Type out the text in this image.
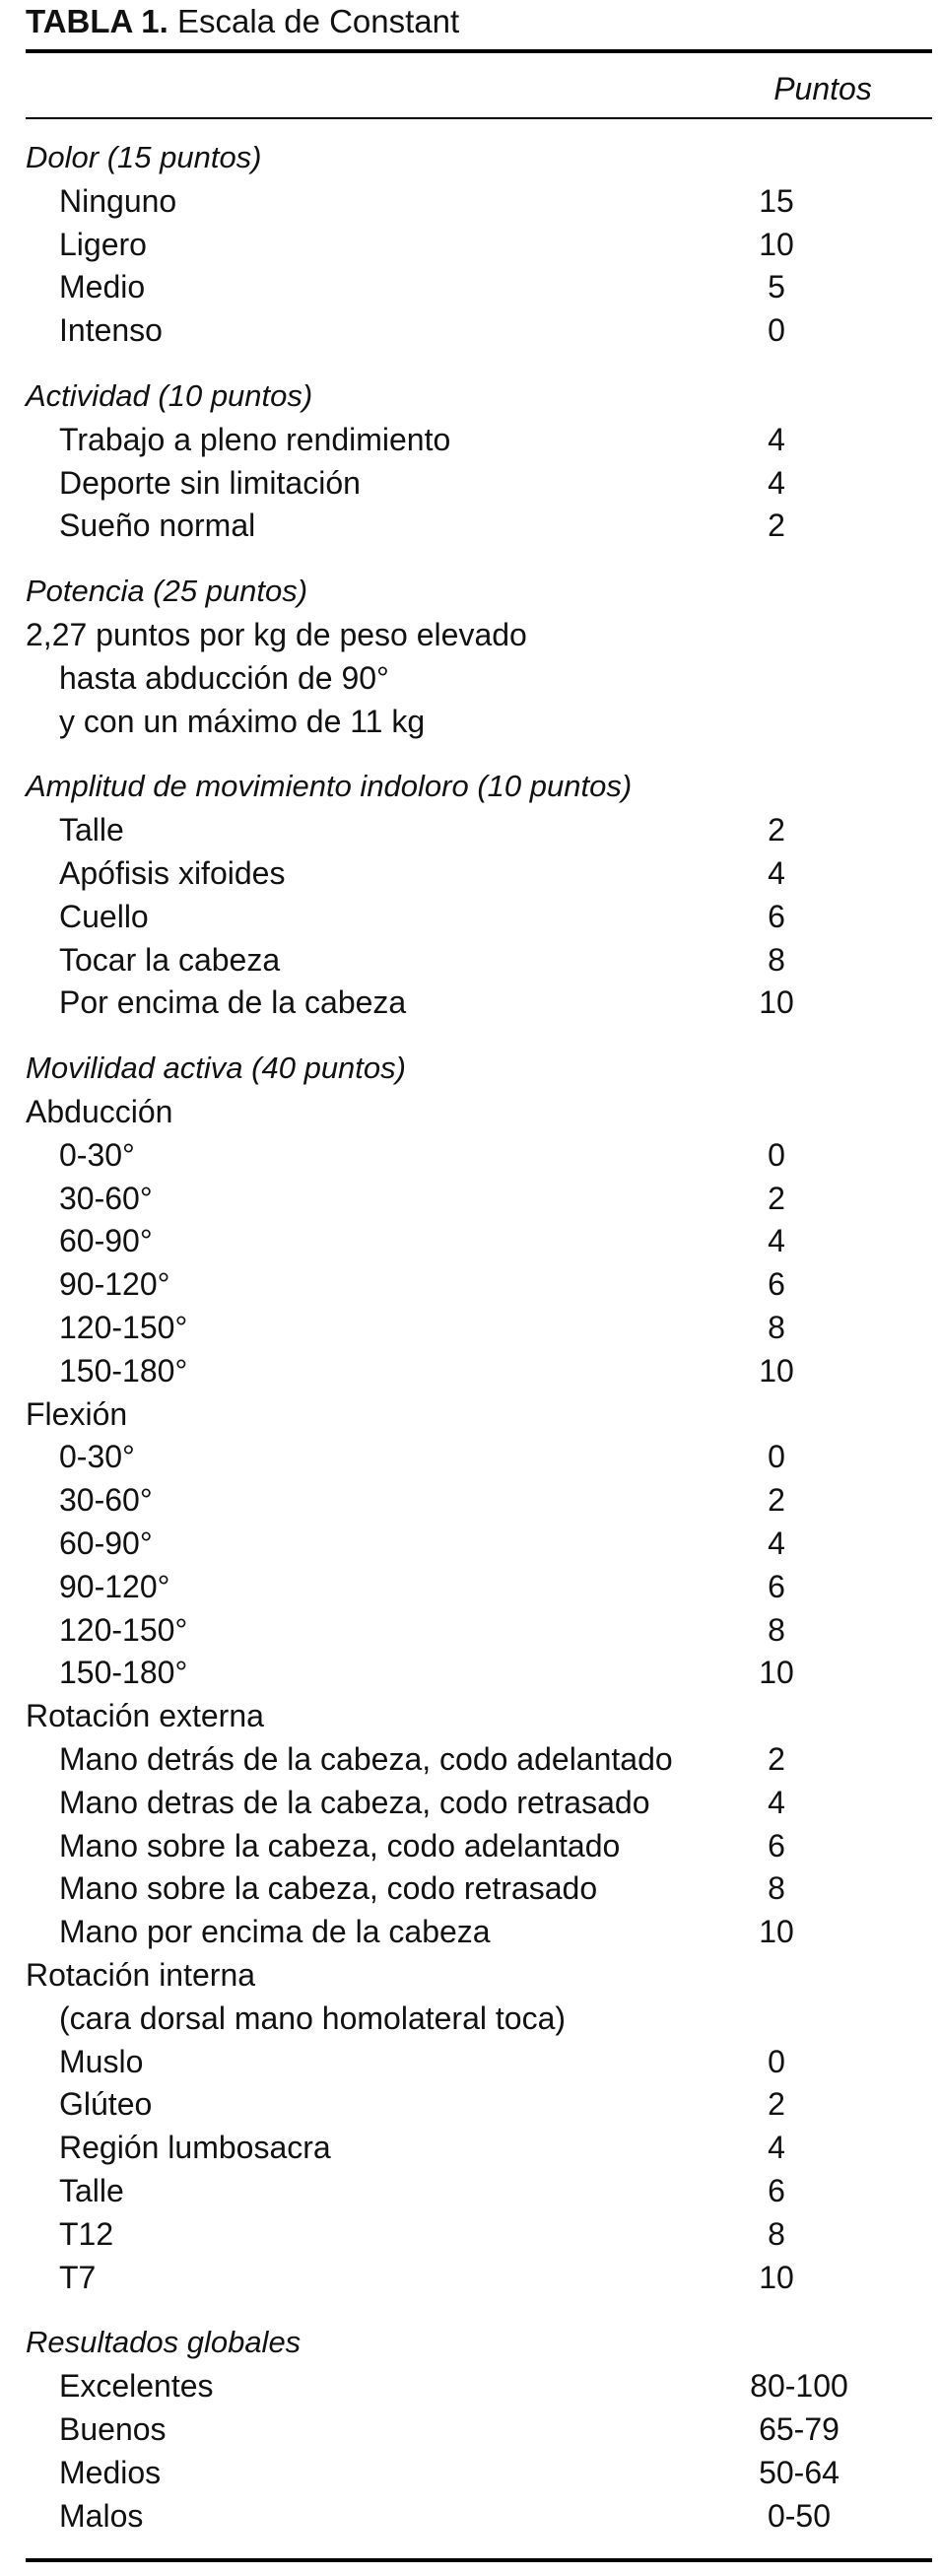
TABLA 1. Escala de Constant
Puntos
Dolor (15 puntos)
Ninguno	15
Ligero	10
Medio	5
Intenso	0
Actividad (10 puntos)
Trabajo a pleno rendimiento	4
Deporte sin limitación	4
Sueño normal	2
Potencia (25 puntos)
2,27 puntos por kg de peso elevado
hasta abducción de 90°
y con un máximo de 11 kg
Amplitud de movimiento indoloro (10 puntos)
Talle	2
Apófisis xifoides	4
Cuello	6
Tocar la cabeza	8
Por encima de la cabeza	10
Movilidad activa (40 puntos)
Abducción
0-30°	0
30-60°	2
60-90°	4
90-120°	6
120-150°	8
150-180°	10
Flexión
0-30°	0
30-60°	2
60-90°	4
90-120°	6
120-150°	8
150-180°	10
Rotación externa
Mano detrás de la cabeza, codo adelantado	2
Mano detras de la cabeza, codo retrasado	4
Mano sobre la cabeza, codo adelantado	6
Mano sobre la cabeza, codo retrasado	8
Mano por encima de la cabeza	10
Rotación interna
(cara dorsal mano homolateral toca)
Muslo	0
Glúteo	2
Región lumbosacra	4
Talle	6
T12	8
T7	10
Resultados globales
Excelentes	80-100
Buenos	65-79
Medios	50-64
Malos	0-50
